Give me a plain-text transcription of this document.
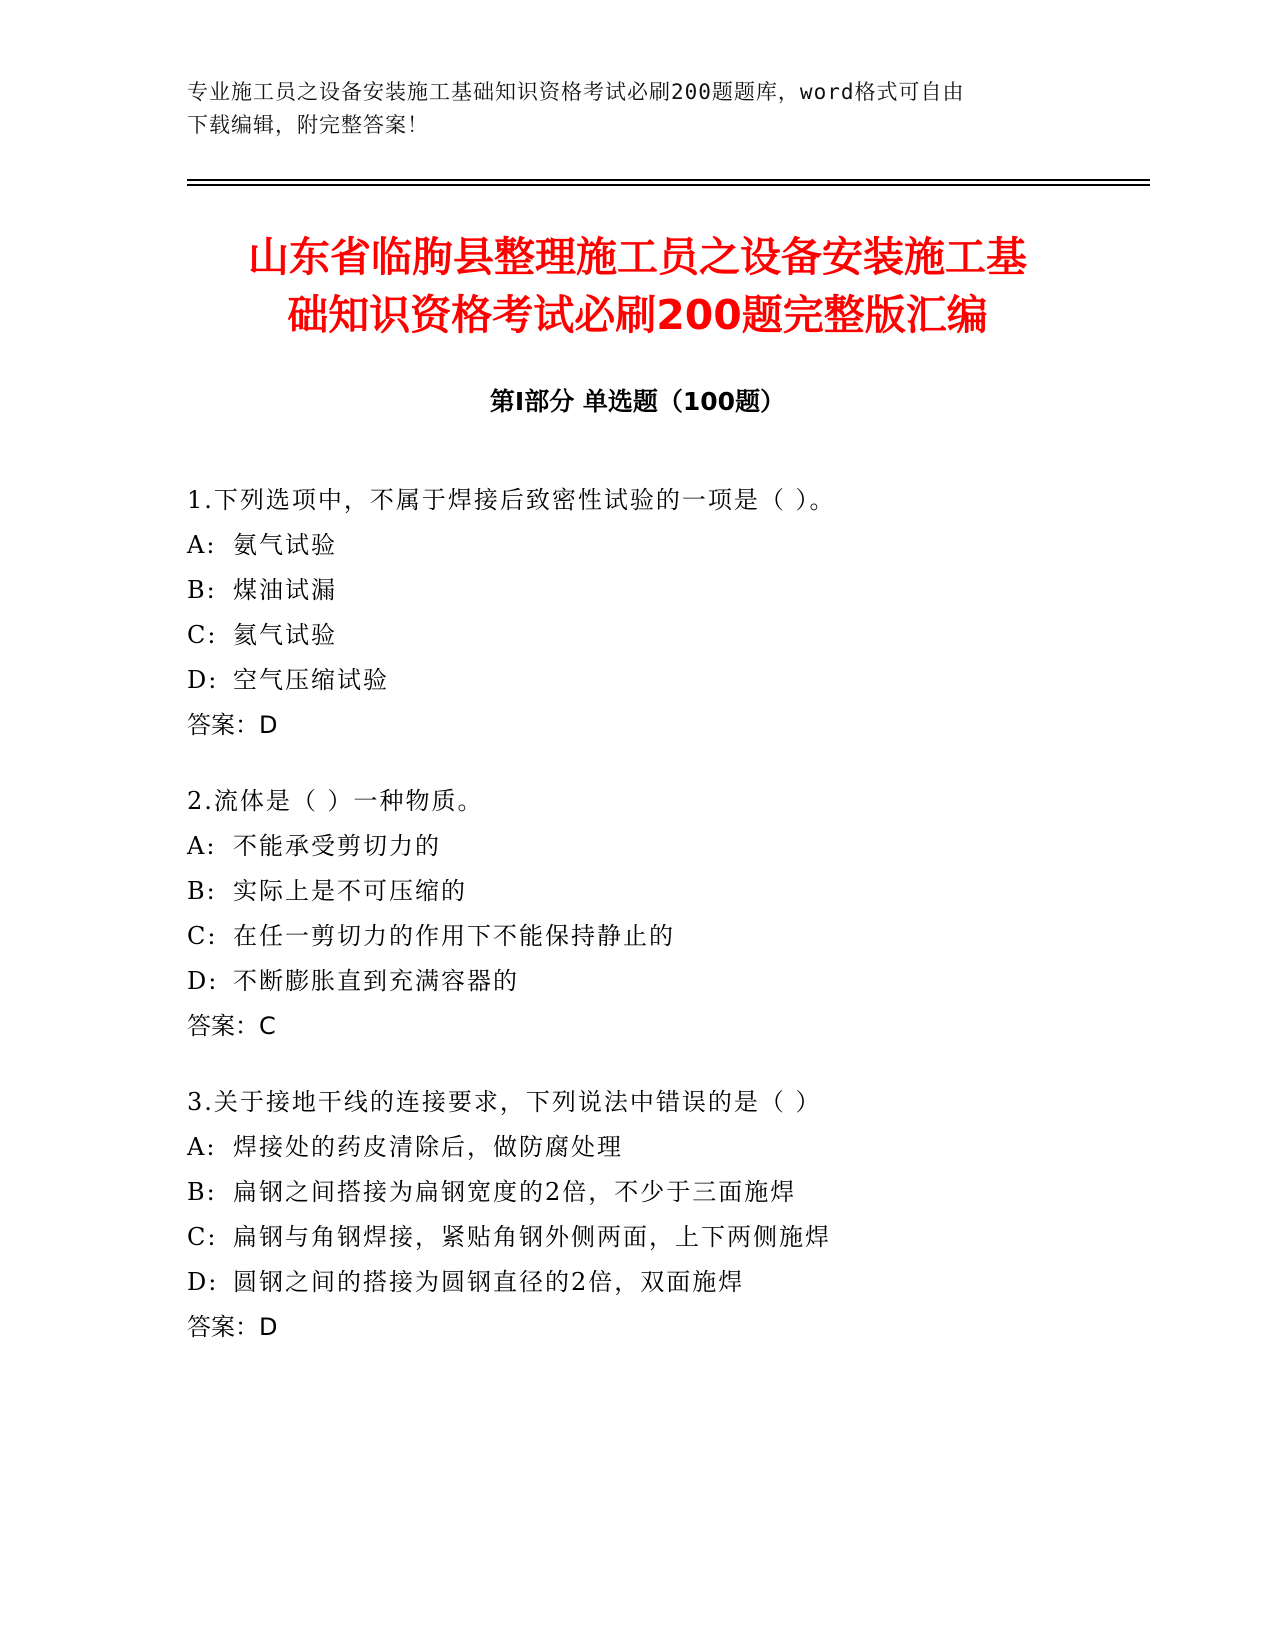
专业施工员之设备安装施工基础知识资格考试必刷200题题库，word格式可自由
下载编辑，附完整答案！
山东省临朐县整理施工员之设备安装施工基
础知识资格考试必刷200题完整版汇编
第Ⅰ部分 单选题（100题）
1.下列选项中，不属于焊接后致密性试验的一项是（ ）。
A: 氨气试验
B: 煤油试漏
C: 氦气试验
D: 空气压缩试验
答案：D
2.流体是（ ）一种物质。
A: 不能承受剪切力的
B: 实际上是不可压缩的
C: 在任一剪切力的作用下不能保持静止的
D: 不断膨胀直到充满容器的
答案：C
3.关于接地干线的连接要求，下列说法中错误的是（ ）
A: 焊接处的药皮清除后，做防腐处理
B: 扁钢之间搭接为扁钢宽度的2倍，不少于三面施焊
C: 扁钢与角钢焊接，紧贴角钢外侧两面，上下两侧施焊
D: 圆钢之间的搭接为圆钢直径的2倍，双面施焊
答案：D
